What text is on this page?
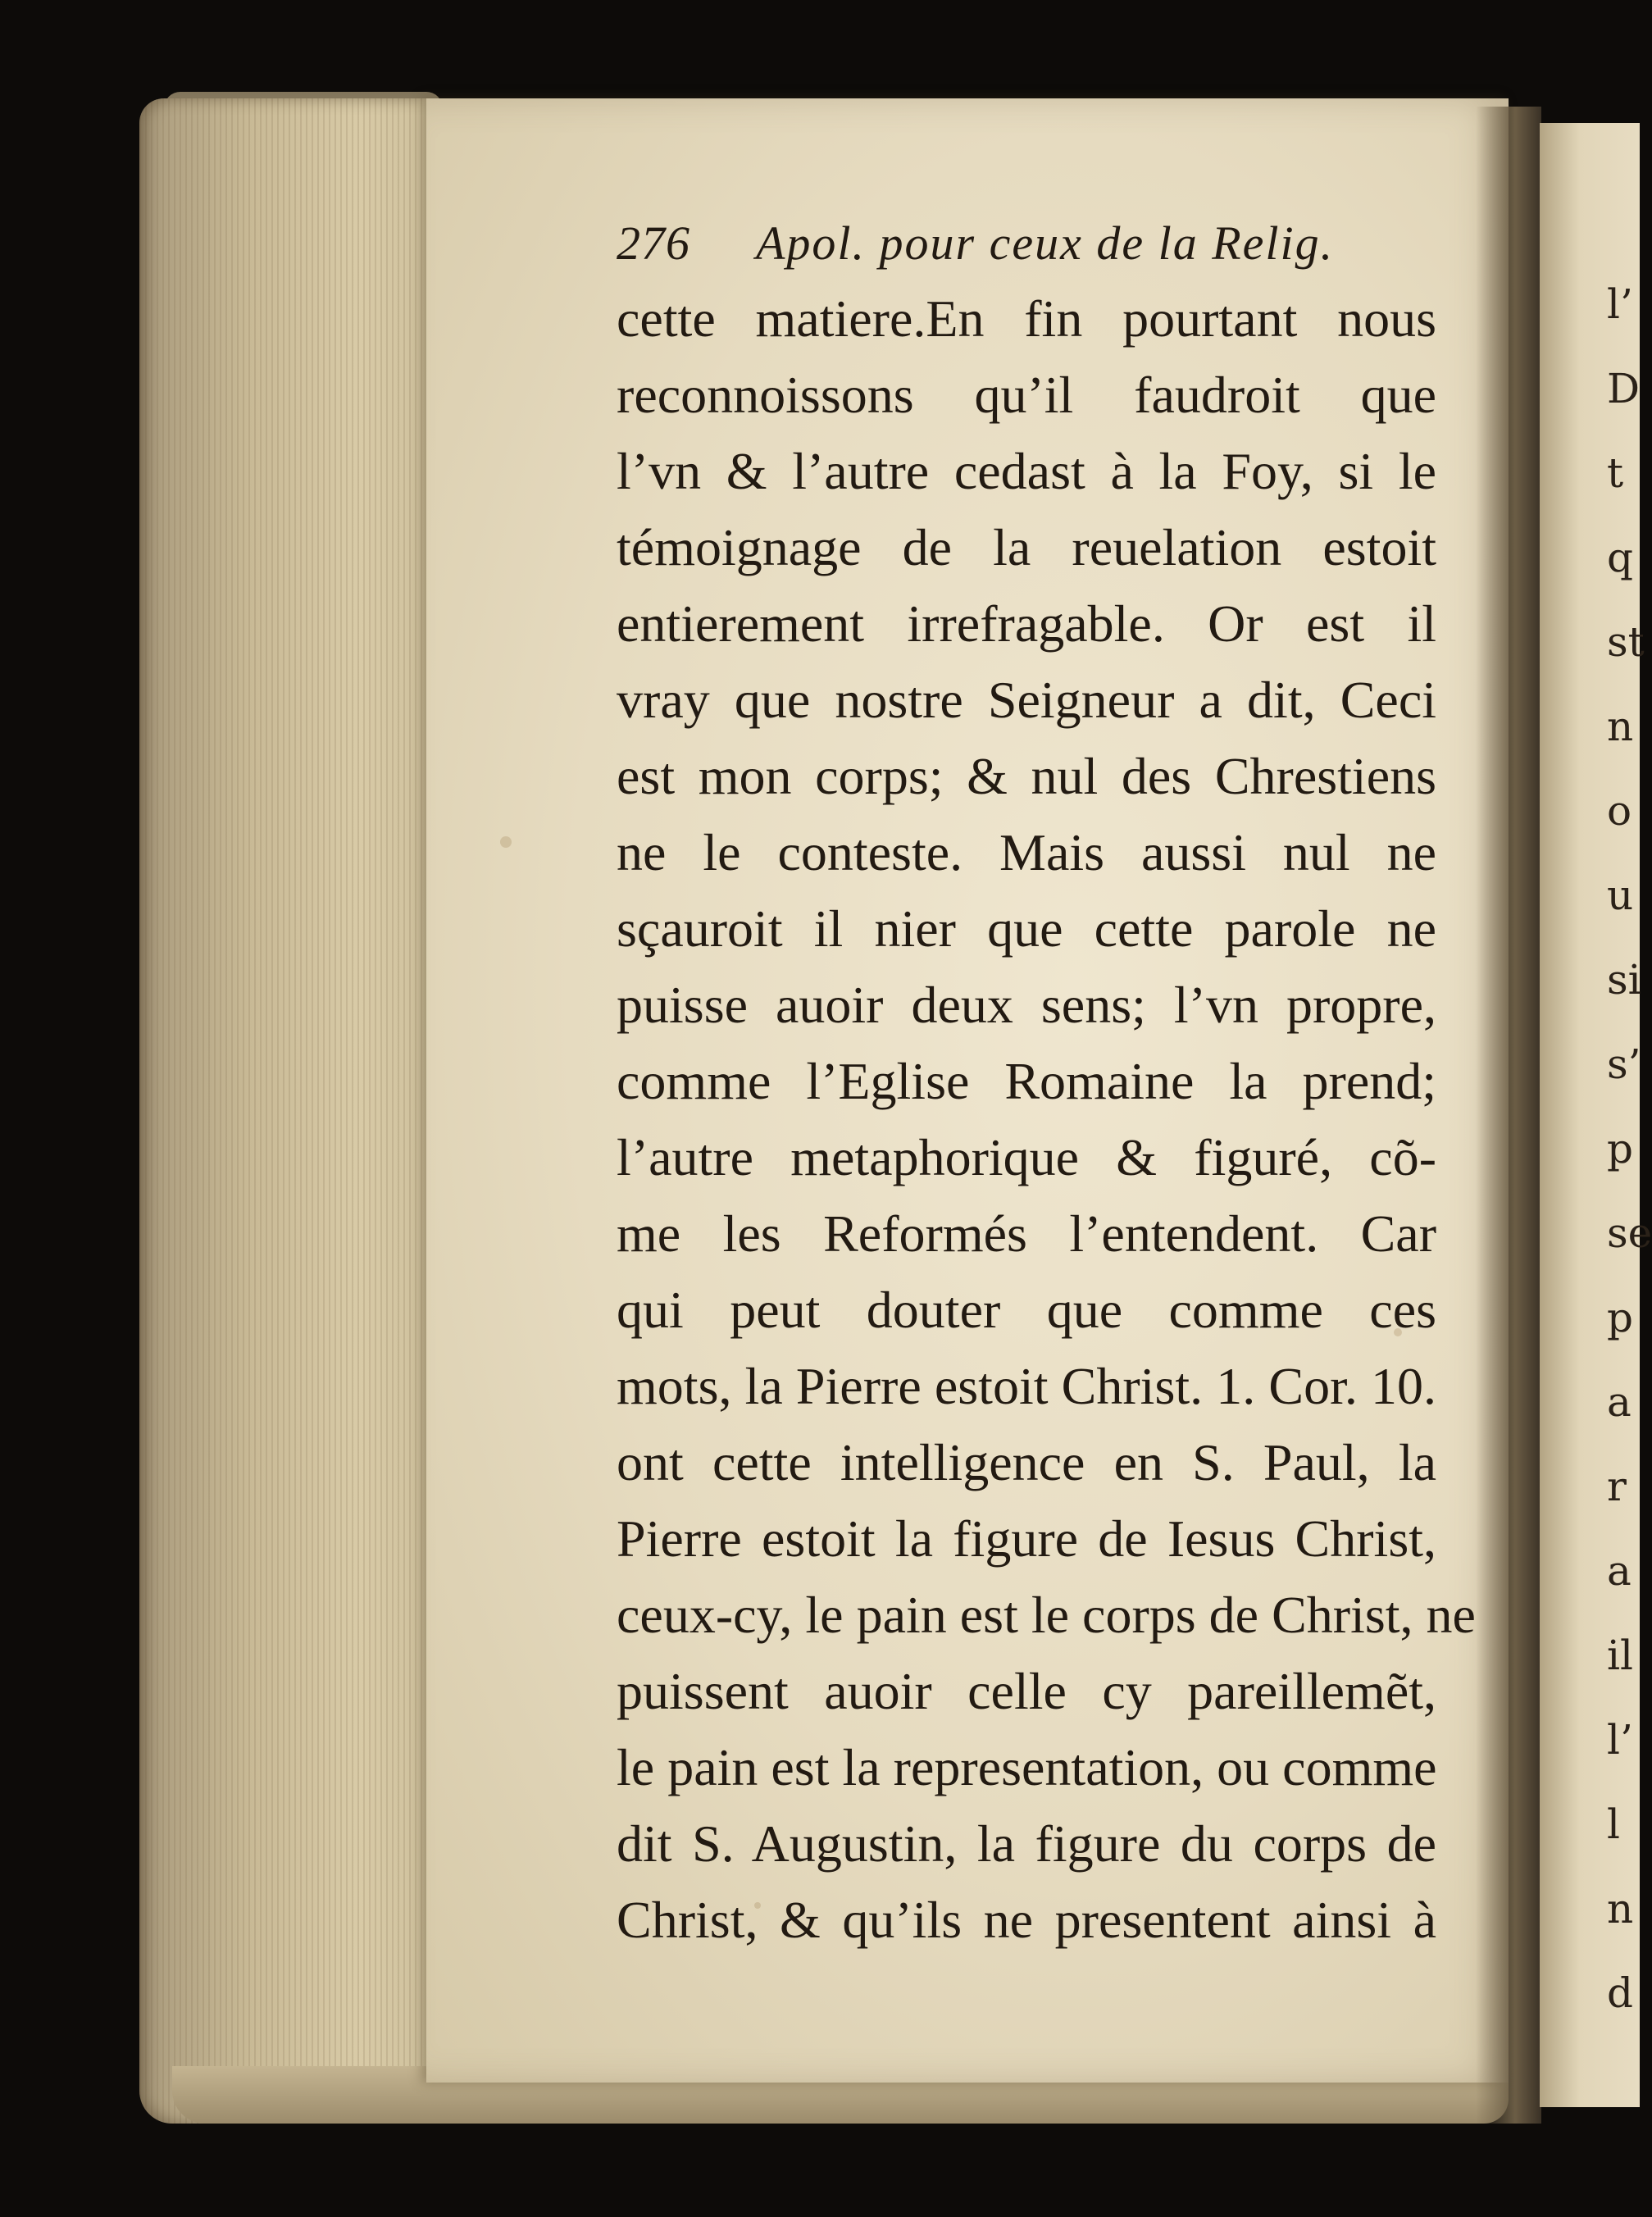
l’
D
t
q
st
n
o
u
si
s’
p
se
p
a
r
a
il
l’
l
n
d
276 Apol. pour ceux de la Relig.
cette matiere.En fin pourtant nous
reconnoissons qu’il faudroit que
l’vn & l’autre cedast à la Foy, si le
témoignage de la reuelation estoit
entierement irrefragable. Or est il
vray que nostre Seigneur a dit, Ceci
est mon corps; & nul des Chrestiens
ne le conteste. Mais aussi nul ne
sçauroit il nier que cette parole ne
puisse auoir deux sens; l’vn propre,
comme l’Eglise Romaine la prend;
l’autre metaphorique & figuré, cõ-
me les Reformés l’entendent. Car
qui peut douter que comme ces
mots, la Pierre estoit Christ. 1. Cor. 10.
ont cette intelligence en S. Paul, la
Pierre estoit la figure de Iesus Christ,
ceux-cy, le pain est le corps de Christ, ne
puissent auoir celle cy pareillemẽt,
le pain est la representation, ou comme
dit S. Augustin, la figure du corps de
Christ, & qu’ils ne presentent ainsi à
